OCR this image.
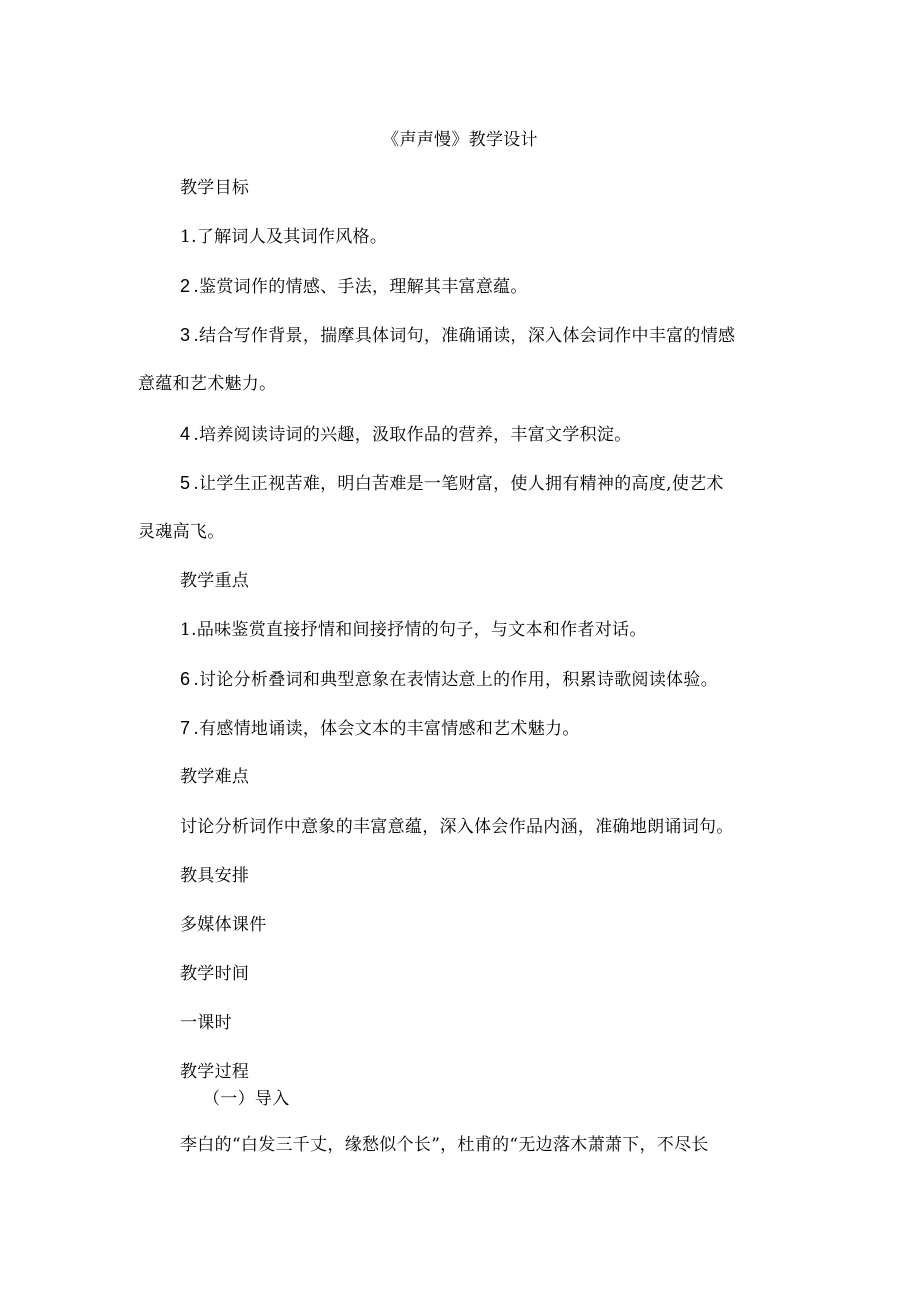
《声声慢》教学设计
教学目标
1.了解词人及其词作风格。
2 .鉴赏词作的情感、手法，理解其丰富意蕴。
3 .结合写作背景，揣摩具体词句，准确诵读，深入体会词作中丰富的情感
意蕴和艺术魅力。
4 .培养阅读诗词的兴趣，汲取作品的营养，丰富文学积淀。
5 .让学生正视苦难，明白苦难是一笔财富，使人拥有精神的高度,使艺术
灵魂高飞。
教学重点
1.品味鉴赏直接抒情和间接抒情的句子，与文本和作者对话。
6 .讨论分析叠词和典型意象在表情达意上的作用，积累诗歌阅读体验。
7 .有感情地诵读，体会文本的丰富情感和艺术魅力。
教学难点
讨论分析词作中意象的丰富意蕴，深入体会作品内涵，准确地朗诵词句。
教具安排
多媒体课件
教学时间
一课时
教学过程
（一）导入
李白的“白发三千丈，缘愁似个长”，杜甫的“无边落木萧萧下，不尽长
